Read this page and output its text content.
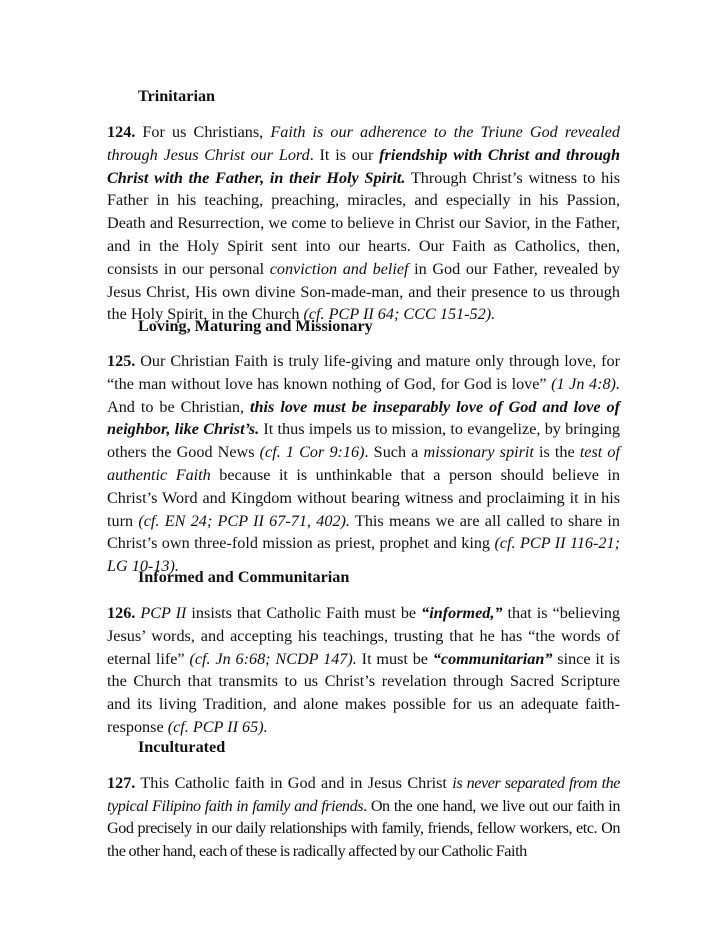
Trinitarian

124. For us Christians, Faith is our adherence to the Triune God revealed through Jesus Christ our Lord. It is our friendship with Christ and through Christ with the Father, in their Holy Spirit. Through Christ’s witness to his Father in his teaching, preaching, miracles, and especially in his Passion, Death and Resurrection, we come to believe in Christ our Savior, in the Father, and in the Holy Spirit sent into our hearts. Our Faith as Catholics, then, consists in our personal conviction and belief in God our Father, revealed by Jesus Christ, His own divine Son-made-man, and their presence to us through the Holy Spirit, in the Church (cf. PCP II 64; CCC 151-52).

Loving, Maturing and Missionary

125. Our Christian Faith is truly life-giving and mature only through love, for “the man without love has known nothing of God, for God is love” (1 Jn 4:8). And to be Christian, this love must be inseparably love of God and love of neighbor, like Christ’s. It thus impels us to mission, to evangelize, by bringing others the Good News (cf. 1 Cor 9:16). Such a missionary spirit is the test of authentic Faith because it is unthinkable that a person should believe in Christ’s Word and Kingdom without bearing witness and proclaiming it in his turn (cf. EN 24; PCP II 67-71, 402). This means we are all called to share in Christ’s own three-fold mission as priest, prophet and king (cf. PCP II 116-21; LG 10-13).

Informed and Communitarian

126. PCP II insists that Catholic Faith must be “informed,” that is “believing Jesus’ words, and accepting his teachings, trusting that he has “the words of eternal life” (cf. Jn 6:68; NCDP 147). It must be “communitarian” since it is the Church that transmits to us Christ’s revelation through Sacred Scripture and its living Tradition, and alone makes possible for us an adequate faith-response (cf. PCP II 65).

Inculturated

127. This Catholic faith in God and in Jesus Christ is never separated from the typical Filipino faith in family and friends. On the one hand, we live out our faith in God precisely in our daily relationships with family, friends, fellow workers, etc. On the other hand, each of these is radically affected by our Catholic Faith
